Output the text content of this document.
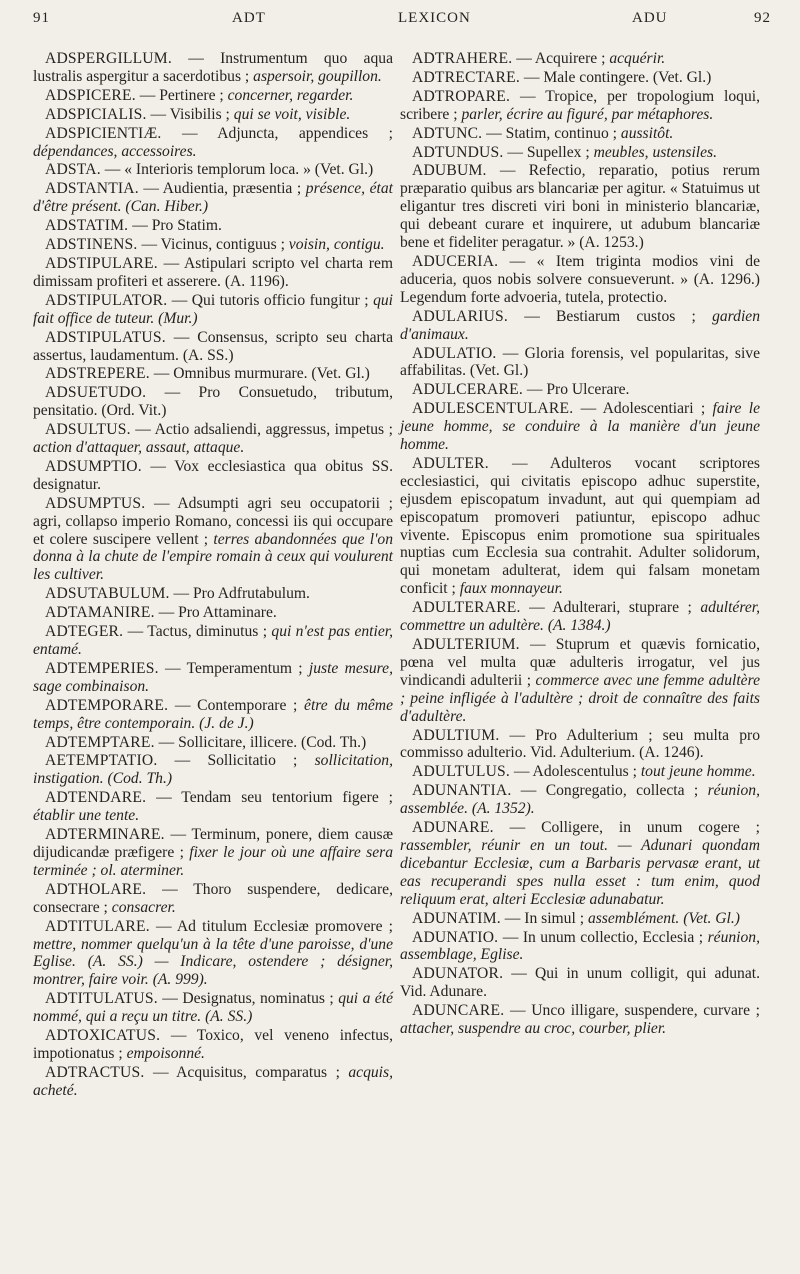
91	ADT	LEXICON	ADU	92

ADSPERGILLUM. — Instrumentum quo aqua lustralis aspergitur a sacerdotibus ; aspersoir, goupillon.

ADSPICERE. — Pertinere ; concerner, regarder.

ADSPICIALIS. — Visibilis ; qui se voit, visible.

ADSPICIENTIÆ. — Adjuncta, appendices ; dépendances, accessoires.

ADSTA. — « Interioris templorum loca. » (Vet. Gl.)

ADSTANTIA. — Audientia, præsentia ; présence, état d'être présent. (Can. Hiber.)

ADSTATIM. — Pro Statim.

ADSTINENS. — Vicinus, contiguus ; voisin, contigu.

ADSTIPULARE. — Astipulari scripto vel charta rem dimissam profiteri et asserere. (A. 1196).

ADSTIPULATOR. — Qui tutoris officio fungitur ; qui fait office de tuteur. (Mur.)

ADSTIPULATUS. — Consensus, scripto seu charta assertus, laudamentum. (A. SS.)

ADSTREPERE. — Omnibus murmurare. (Vet. Gl.)

ADSUETUDO. — Pro Consuetudo, tributum, pensitatio. (Ord. Vit.)

ADSULTUS. — Actio adsaliendi, aggressus, impetus ; action d'attaquer, assaut, attaque.

ADSUMPTIO. — Vox ecclesiastica qua obitus SS. designatur.

ADSUMPTUS. — Adsumpti agri seu occupatorii ; agri, collapso imperio Romano, concessi iis qui occupare et colere suscipere vellent ; terres abandonnées que l'on donna à la chute de l'empire romain à ceux qui voulurent les cultiver.

ADSUTABULUM. — Pro Adfrutabulum.

ADTAMANIRE. — Pro Attaminare.

ADTEGER. — Tactus, diminutus ; qui n'est pas entier, entamé.

ADTEMPERIES. — Temperamentum ; juste mesure, sage combinaison.

ADTEMPORARE. — Contemporare ; être du même temps, être contemporain. (J. de J.)

ADTEMPTARE. — Sollicitare, illicere. (Cod. Th.)

AETEMPTATIO. — Sollicitatio ; sollicitation, instigation. (Cod. Th.)

ADTENDARE. — Tendam seu tentorium figere ; établir une tente.

ADTERMINARE. — Terminum, ponere, diem causæ dijudicandæ præfigere ; fixer le jour où une affaire sera terminée ; ol. aterminer.

ADTHOLARE. — Thoro suspendere, dedicare, consecrare ; consacrer.

ADTITULARE. — Ad titulum Ecclesiæ promovere ; mettre, nommer quelqu'un à la tête d'une paroisse, d'une Eglise. (A. SS.) — Indicare, ostendere ; désigner, montrer, faire voir. (A. 999).

ADTITULATUS. — Designatus, nominatus ; qui a été nommé, qui a reçu un titre. (A. SS.)

ADTOXICATUS. — Toxico, vel veneno infectus, impotionatus ; empoisonné.

ADTRACTUS. — Acquisitus, comparatus ; acquis, acheté.

ADTRAHERE. — Acquirere ; acquérir.

ADTRECTARE. — Male contingere. (Vet. Gl.)

ADTROPARE. — Tropice, per tropologium loqui, scribere ; parler, écrire au figuré, par métaphores.

ADTUNC. — Statim, continuo ; aussitôt.

ADTUNDUS. — Supellex ; meubles, ustensiles.

ADUBUM. — Refectio, reparatio, potius rerum præparatio quibus ars blancariæ per agitur. « Statuimus ut eligantur tres discreti viri boni in ministerio blancariæ, qui debeant curare et inquirere, ut adubum blancariæ bene et fideliter peragatur. » (A. 1253.)

ADUCERIA. — « Item triginta modios vini de aduceria, quos nobis solvere consueverunt. » (A. 1296.) Legendum forte advoeria, tutela, protectio.

ADULARIUS. — Bestiarum custos ; gardien d'animaux.

ADULATIO. — Gloria forensis, vel popularitas, sive affabilitas. (Vet. Gl.)

ADULCERARE. — Pro Ulcerare.

ADULESCENTULARE. — Adolescentiari ; faire le jeune homme, se conduire à la manière d'un jeune homme.

ADULTER. — Adulteros vocant scriptores ecclesiastici, qui civitatis episcopo adhuc superstite, ejusdem episcopatum invadunt, aut qui quempiam ad episcopatum promoveri patiuntur, episcopo adhuc vivente. Episcopus enim promotione sua spirituales nuptias cum Ecclesia sua contrahit. Adulter solidorum, qui monetam adulterat, idem qui falsam monetam conficit ; faux monnayeur.

ADULTERARE. — Adulterari, stuprare ; adultérer, commettre un adultère. (A. 1384.)

ADULTERIUM. — Stuprum et quævis fornicatio, pœna vel multa quæ adulteris irrogatur, vel jus vindicandi adulterii ; commerce avec une femme adultère ; peine infligée à l'adultère ; droit de connaître des faits d'adultère.

ADULTIUM. — Pro Adulterium ; seu multa pro commisso adulterio. Vid. Adulterium. (A. 1246).

ADULTULUS. — Adolescentulus ; tout jeune homme.

ADUNANTIA. — Congregatio, collecta ; réunion, assemblée. (A. 1352).

ADUNARE. — Colligere, in unum cogere ; rassembler, réunir en un tout. — Adunari quondam dicebantur Ecclesiæ, cum a Barbaris pervasæ erant, ut eas recuperandi spes nulla esset : tum enim, quod reliquum erat, alteri Ecclesiæ adunabatur.

ADUNATIM. — In simul ; assemblément. (Vet. Gl.)

ADUNATIO. — In unum collectio, Ecclesia ; réunion, assemblage, Eglise.

ADUNATOR. — Qui in unum colligit, qui adunat. Vid. Adunare.

ADUNCARE. — Unco illigare, suspendere, curvare ; attacher, suspendre au croc, courber, plier.
